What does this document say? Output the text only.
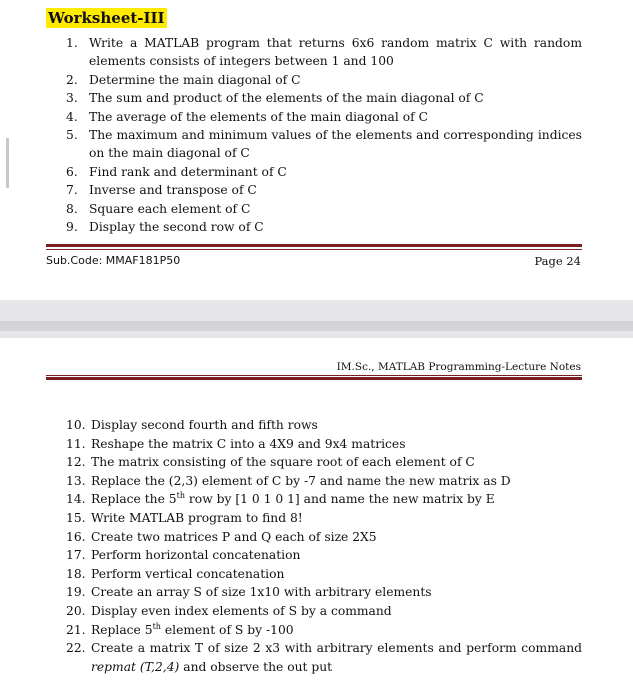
Worksheet-III
1. Write a MATLAB program that returns 6x6 random matrix C with random elements consists of integers between 1 and 100
2. Determine the main diagonal of C
3. The sum and product of the elements of the main diagonal of C
4. The average of the elements of the main diagonal of C
5. The maximum and minimum values of the elements and corresponding indices on the main diagonal of C
6. Find rank and determinant of C
7. Inverse and transpose of C
8. Square each element of C
9. Display the second row of C
Sub.Code: MMAF181P50	Page 24
IM.Sc., MATLAB Programming-Lecture Notes
10. Display second fourth and fifth rows
11. Reshape the matrix C into a 4X9 and 9x4 matrices
12. The matrix consisting of the square root of each element of C
13. Replace the (2,3) element of C by -7 and name the new matrix as D
14. Replace the 5th row by [1 0 1 0 1] and name the new matrix by E
15. Write MATLAB program to find 8!
16. Create two matrices P and Q each of size 2X5
17. Perform horizontal concatenation
18. Perform vertical concatenation
19. Create an array S of size 1x10 with arbitrary elements
20. Display even index elements of S by a command
21. Replace 5th element of S by -100
22. Create a matrix T of size 2 x3 with arbitrary elements and perform command repmat (T,2,4) and observe the out put
